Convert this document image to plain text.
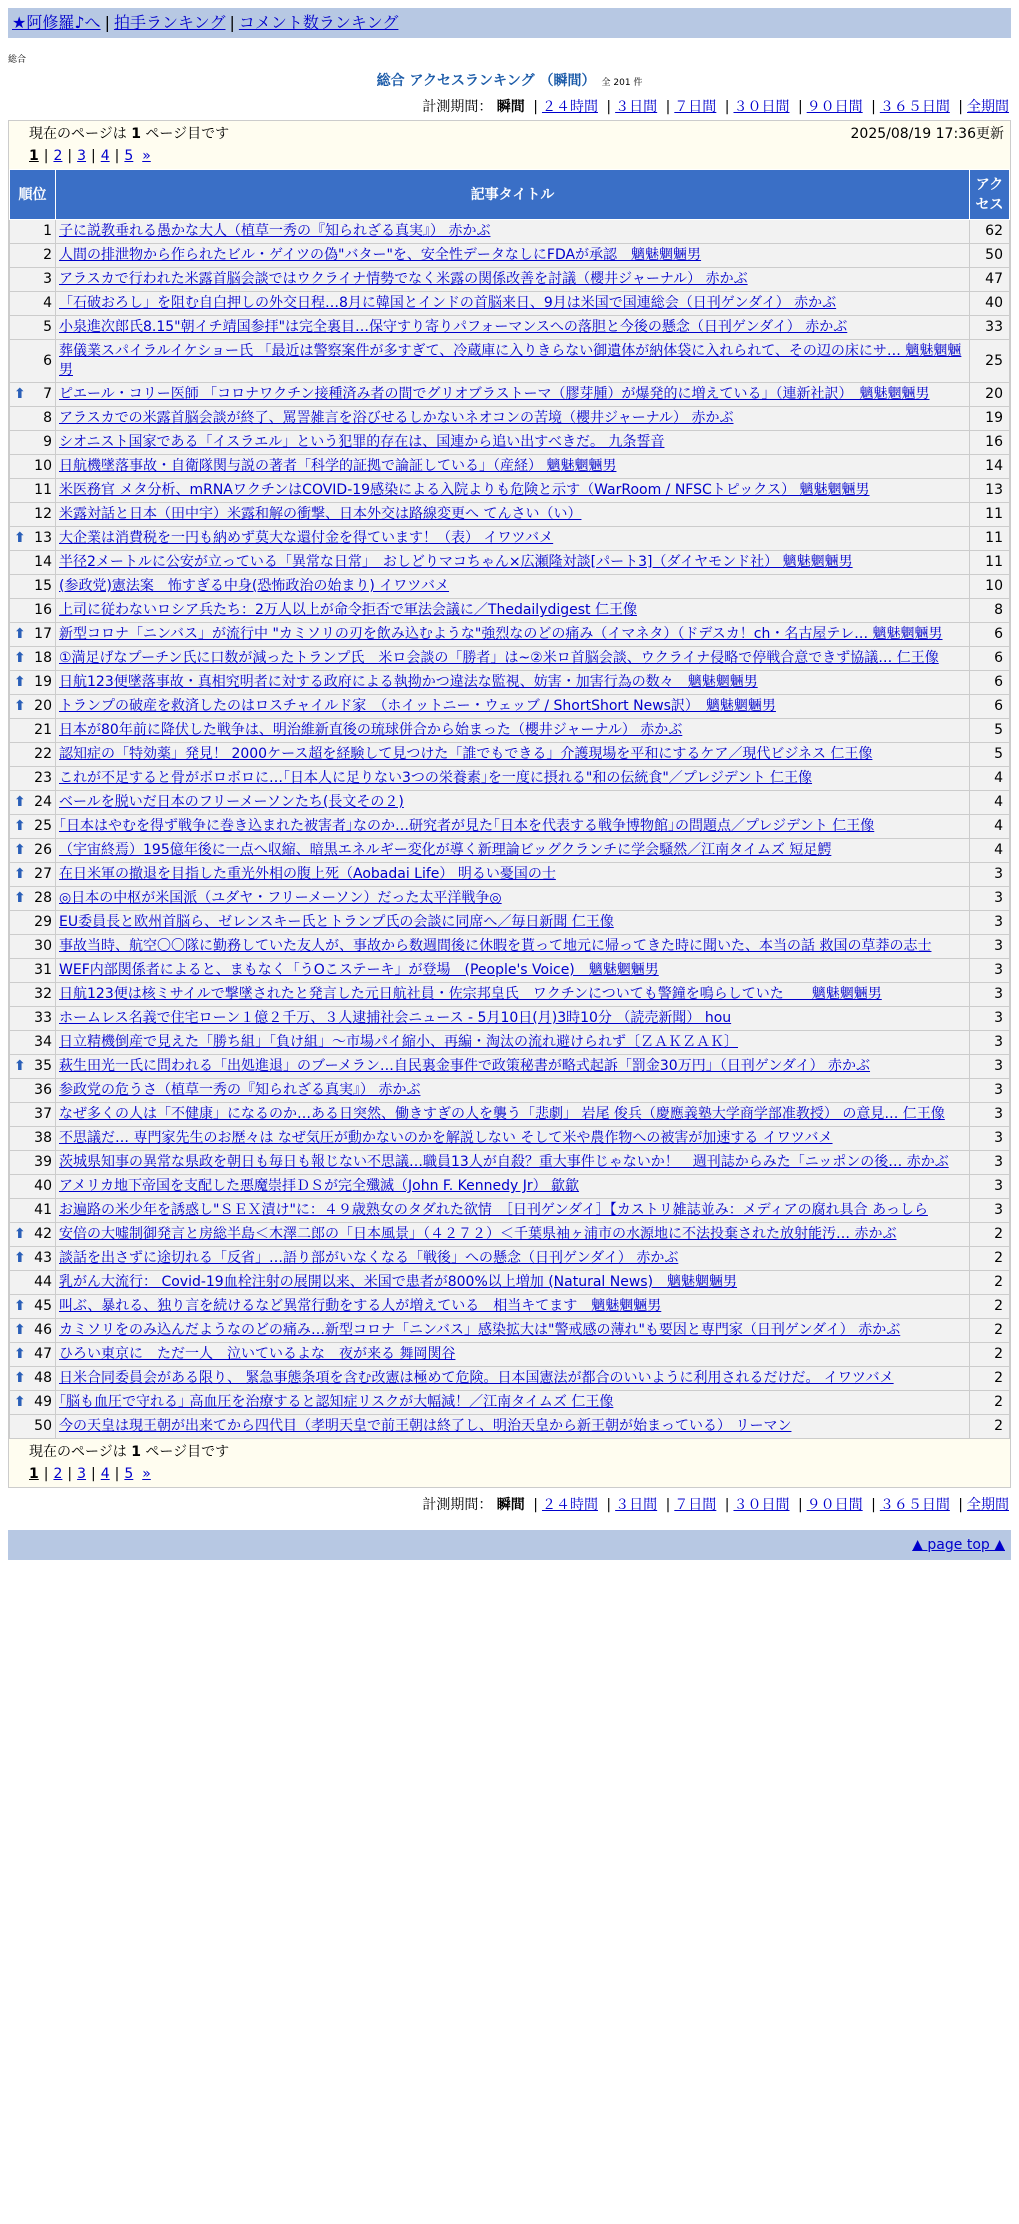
★阿修羅♪へ | 拍手ランキング | コメント数ランキング
総合
総合 アクセスランキング （瞬間） 全 201 件
計測期間： 瞬間 | ２４時間 | ３日間 | ７日間 | ３０日間 | ９０日間 | ３６５日間 | 全期間
現在のページは 1 ページ目です	2025/08/19 17:36更新
1 | 2 | 3 | 4 | 5 »
順位	記事タイトル	アクセス
1	子に説教垂れる愚かな大人（植草一秀の『知られざる真実』） 赤かぶ	62
2	人間の排泄物から作られたビル・ゲイツの偽"バター"を、安全性データなしにFDAが承認　魑魅魍魎男	50
3	アラスカで行われた米露首脳会談ではウクライナ情勢でなく米露の関係改善を討議（櫻井ジャーナル） 赤かぶ	47
4	「石破おろし」を阻む自白押しの外交日程…8月に韓国とインドの首脳来日、9月は米国で国連総会（日刊ゲンダイ） 赤かぶ	40
5	小泉進次郎氏8.15"朝イチ靖国参拝"は完全裏目…保守すり寄りパフォーマンスへの落胆と今後の懸念（日刊ゲンダイ） 赤かぶ	33
6	葬儀業スパイラルイケショー氏 「最近は警察案件が多すぎて、冷蔵庫に入りきらない御遺体が納体袋に入れられて、その辺の床にサ… 魑魅魍魎男	25

⬆ 7	ピエール・コリー医師 「コロナワクチン接種済み者の間でグリオブラストーマ（膠芽腫）が爆発的に増えている」（連新社訳）　魑魅魍魎男	20
8	アラスカでの米露首脳会談が終了、罵詈雑言を浴びせるしかないネオコンの苦境（櫻井ジャーナル） 赤かぶ	19
9	シオニスト国家である「イスラエル」という犯罪的存在は、国連から追い出すべきだ。 九条誓音	16
10	日航機墜落事故・自衛隊関与説の著者「科学的証拠で論証している」（産経） 魑魅魍魎男	14
11	米医務官 メタ分析、mRNAワクチンはCOVID-19感染による入院よりも危険と示す（WarRoom / NFSCトピックス） 魑魅魍魎男	13
12	米露対話と日本（田中宇）米露和解の衝撃、日本外交は路線変更へ てんさい（い）	11

⬆ 13	大企業は消費税を一円も納めず莫大な還付金を得ています！（表） イワツバメ	11
14	半径2メートルに公安が立っている「異常な日常」　おしどりマコちゃん×広瀬隆対談[パート3]（ダイヤモンド社） 魑魅魍魎男	11
15	(参政党)憲法案　怖すぎる中身(恐怖政治の始まり) イワツバメ	10
16	上司に従わないロシア兵たち：2万人以上が命令拒否で軍法会議に／Thedailydigest 仁王像	8

⬆ 17	新型コロナ「ニンバス」が流行中 "カミソリの刃を飲み込むような"強烈なのどの痛み（イマネタ）（ドデスカ！ch・名古屋テレ… 魑魅魍魎男	6

⬆ 18	①満足げなプーチン氏に口数が減ったトランプ氏　米ロ会談の「勝者」は~②米ロ首脳会談、ウクライナ侵略で停戦合意できず協議… 仁王像	6

⬆ 19	日航123便墜落事故・真相究明者に対する政府による執拗かつ違法な監視、妨害・加害行為の数々　魑魅魍魎男	6

⬆ 20	トランプの破産を救済したのはロスチャイルド家　（ホイットニー・ウェッブ / ShortShort News訳）　魑魅魍魎男	6
21	日本が80年前に降伏した戦争は、明治維新直後の琉球併合から始まった（櫻井ジャーナル） 赤かぶ	5
22	認知症の「特効薬」発見！ 2000ケース超を経験して見つけた「誰でもできる」介護現場を平和にするケア／現代ビジネス 仁王像	5
23	これが不足すると骨がボロボロに…｢日本人に足りない3つの栄養素｣を一度に摂れる"和の伝統食"／プレジデント 仁王像	4

⬆ 24	ベールを脱いだ日本のフリーメーソンたち(長文その２)	4

⬆ 25	｢日本はやむを得ず戦争に巻き込まれた被害者｣なのか…研究者が見た｢日本を代表する戦争博物館｣の問題点／プレジデント 仁王像	4

⬆ 26	（宇宙終焉）195億年後に一点へ収縮、暗黒エネルギー変化が導く新理論ビッグクランチに学会騒然／江南タイムズ 短足鰐	4

⬆ 27	在日米軍の撤退を目指した重光外相の腹上死（Aobadai Life） 明るい憂国の士	3

⬆ 28	◎日本の中枢が米国派（ユダヤ・フリーメーソン）だった太平洋戦争◎	3
29	EU委員長と欧州首脳ら、ゼレンスキー氏とトランプ氏の会談に同席へ／毎日新聞 仁王像	3
30	事故当時、航空〇〇隊に勤務していた友人が、事故から数週間後に休暇を貰って地元に帰ってきた時に聞いた、本当の話 救国の草莽の志士	3
31	WEF内部関係者によると、まもなく「うOこステーキ」が登場　(People's Voice)　魑魅魍魎男	3
32	日航123便は核ミサイルで撃墜されたと発言した元日航社員・佐宗邦皇氏　ワクチンについても警鐘を鳴らしていた　　魑魅魍魎男	3
33	ホームレス名義で住宅ローン１億２千万、３人逮捕社会ニュース - 5月10日(月)3時10分 （読売新聞） hou	3
34	日立精機倒産で見えた「勝ち組」「負け組」～市場パイ縮小、再編・淘汰の流れ避けられず〔ＺＡＫＺＡＫ〕	3

⬆ 35	萩生田光一氏に問われる「出処進退」のブーメラン…自民裏金事件で政策秘書が略式起訴「罰金30万円」（日刊ゲンダイ） 赤かぶ	3
36	参政党の危うさ（植草一秀の『知られざる真実』） 赤かぶ	3
37	なぜ多くの人は「不健康」になるのか…ある日突然、働きすぎの人を襲う「悲劇」 岩尾 俊兵（慶應義塾大学商学部准教授） の意見… 仁王像	3
38	不思議だ… 専門家先生のお歴々は なぜ気圧が動かないのかを解説しない そして米や農作物への被害が加速する イワツバメ	3
39	茨城県知事の異常な県政を朝日も毎日も報じない不思議…職員13人が自殺？重大事件じゃないか！　週刊誌からみた「ニッポンの後… 赤かぶ	3
40	アメリカ地下帝国を支配した悪魔崇拝ＤＳが完全殲滅（John F. Kennedy Jr） 歙歙	3
41	お遍路の米少年を誘惑し"ＳＥＸ漬け"に：４９歳熟女のタダれた欲情　［日刊ゲンダイ］【カストリ雑誌並み：メディアの腐れ具合 あっしら	3

⬆ 42	安倍の大嘘制御発言と房総半島＜木澤二郎の「日本風景」（４２７２）＜千葉県袖ヶ浦市の水源地に不法投棄された放射能汚… 赤かぶ	2

⬆ 43	談話を出さずに途切れる「反省」…語り部がいなくなる「戦後」への懸念（日刊ゲンダイ） 赤かぶ	2
44	乳がん大流行： Covid-19血栓注射の展開以来、米国で患者が800%以上増加 (Natural News)　魑魅魍魎男	2

⬆ 45	叫ぶ、暴れる、独り言を続けるなど異常行動をする人が増えている　相当キてます　魑魅魍魎男	2

⬆ 46	カミソリをのみ込んだようなのどの痛み…新型コロナ「ニンバス」感染拡大は"警戒感の薄れ"も要因と専門家（日刊ゲンダイ） 赤かぶ	2

⬆ 47	ひろい東京に　ただ一人　泣いているよな　夜が来る 舞岡関谷	2

⬆ 48	日米合同委員会がある限り、 緊急事態条項を含む改憲は極めて危険。日本国憲法が都合のいいように利用されるだけだ。 イワツバメ	2

⬆ 49	｢脳も血圧で守れる｣ 高血圧を治療すると認知症リスクが大幅減！／江南タイムズ 仁王像	2
50	今の天皇は現王朝が出来てから四代目（孝明天皇で前王朝は終了し、明治天皇から新王朝が始まっている） リーマン	2
現在のページは 1 ページ目です
1 | 2 | 3 | 4 | 5 »
計測期間： 瞬間 | ２４時間 | ３日間 | ７日間 | ３０日間 | ９０日間 | ３６５日間 | 全期間
▲ page top ▲
